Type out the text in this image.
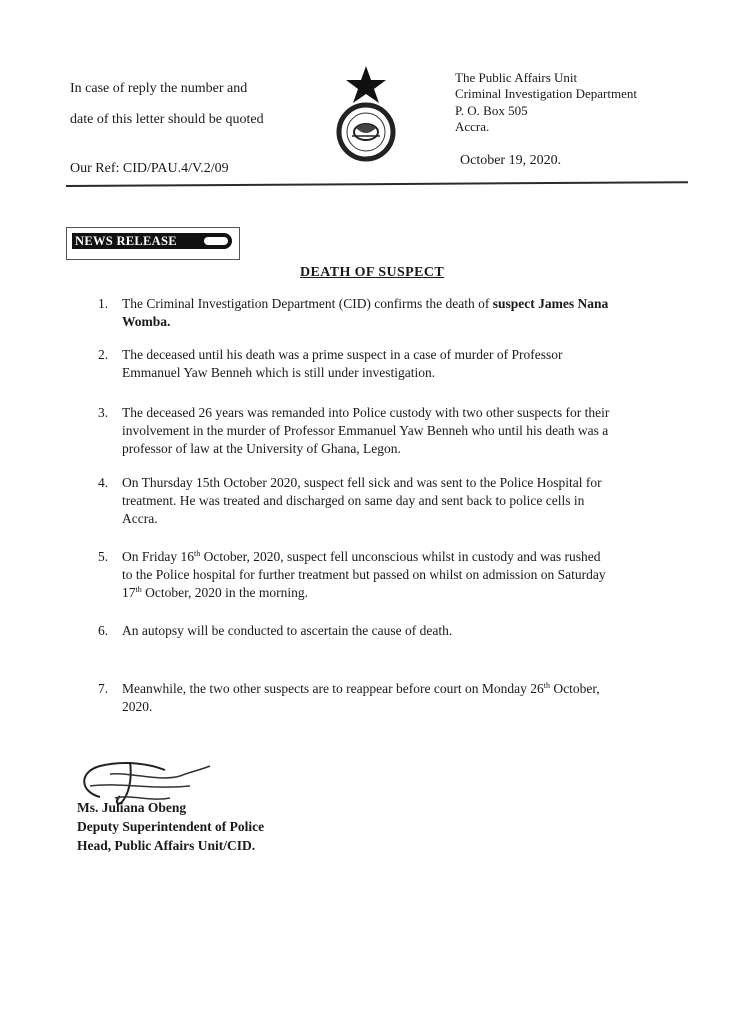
In case of reply the number and
date of this letter should be quoted
Our Ref: CID/PAU.4/V.2/09
The Public Affairs Unit
Criminal Investigation Department
P. O. Box 505
Accra.
October 19, 2020.
NEWS RELEASE
DEATH OF SUSPECT
1. The Criminal Investigation Department (CID) confirms the death of suspect James Nana
Womba.
2. The deceased until his death was a prime suspect in a case of murder of Professor
Emmanuel Yaw Benneh which is still under investigation.
3. The deceased 26 years was remanded into Police custody with two other suspects for their
involvement in the murder of Professor Emmanuel Yaw Benneh who until his death was a
professor of law at the University of Ghana, Legon.
4. On Thursday 15th October 2020, suspect fell sick and was sent to the Police Hospital for
treatment. He was treated and discharged on same day and sent back to police cells in
Accra.
5. On Friday 16th October, 2020, suspect fell unconscious whilst in custody and was rushed
to the Police hospital for further treatment but passed on whilst on admission on Saturday
17th October, 2020 in the morning.
6. An autopsy will be conducted to ascertain the cause of death.
7. Meanwhile, the two other suspects are to reappear before court on Monday 26th October,
2020.
Ms. Juliana Obeng
Deputy Superintendent of Police
Head, Public Affairs Unit/CID.
